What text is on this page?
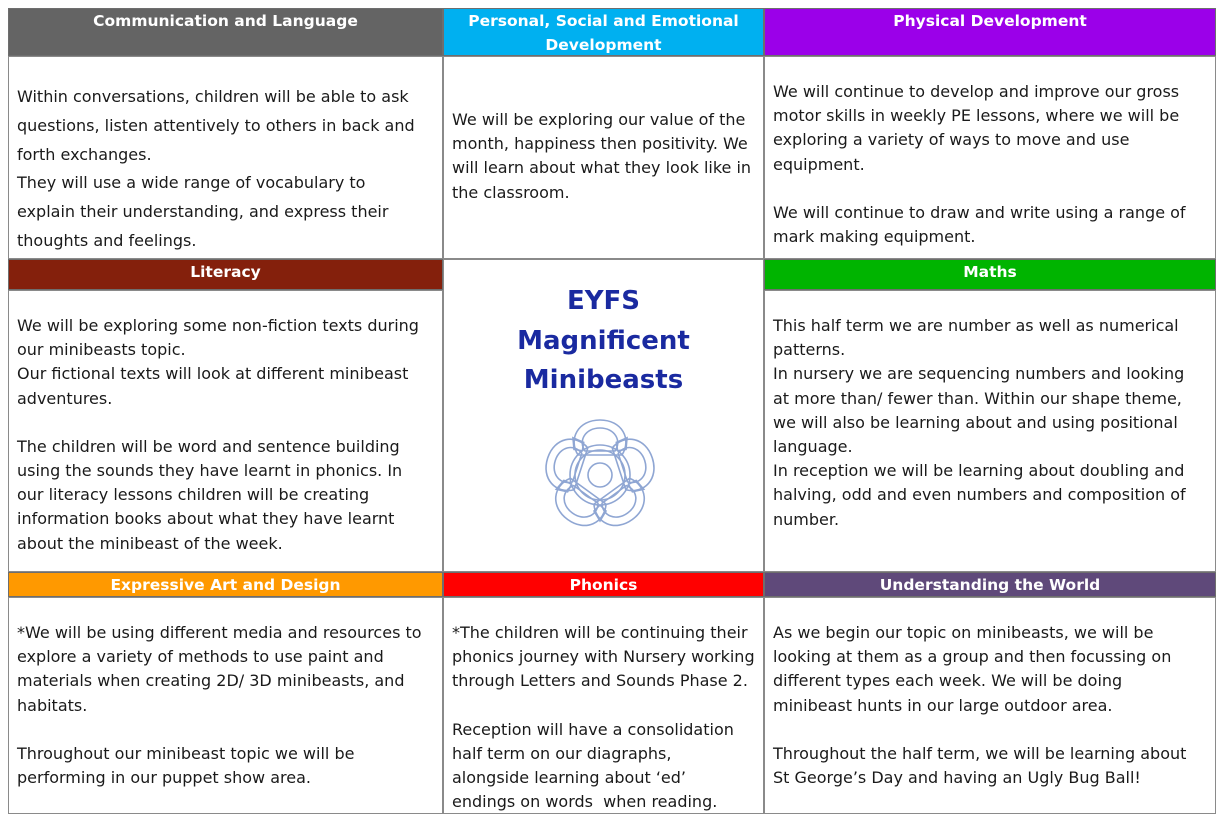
Communication and Language

Within conversations, children will be able to ask

questions, listen attentively to others in back and

forth exchanges.

They will use a wide range of vocabulary to

explain their understanding, and express their

thoughts and feelings.

Personal, Social and Emotional
Development

We will be exploring our value of the

month, happiness then positivity. We

will learn about what they look like in

the classroom.

Physical Development

We will continue to develop and improve our gross

motor skills in weekly PE lessons, where we will be

exploring a variety of ways to move and use

equipment.

We will continue to draw and write using a range of

mark making equipment.

Literacy

We will be exploring some non-fiction texts during

our minibeasts topic.

Our fictional texts will look at different minibeast

adventures.

The children will be word and sentence building

using the sounds they have learnt in phonics. In

our literacy lessons children will be creating

information books about what they have learnt

about the minibeast of the week.

EYFS
Magnificent
Minibeasts
Maths

This half term we are number as well as numerical

patterns.

In nursery we are sequencing numbers and looking

at more than/ fewer than. Within our shape theme,

we will also be learning about and using positional

language.

In reception we will be learning about doubling and

halving, odd and even numbers and composition of

number.

Expressive Art and Design

*We will be using different media and resources to

explore a variety of methods to use paint and

materials when creating 2D/ 3D minibeasts, and

habitats.

Throughout our minibeast topic we will be

performing in our puppet show area.

Phonics

*The children will be continuing their

phonics journey with Nursery working

through Letters and Sounds Phase 2.

Reception will have a consolidation

half term on our diagraphs,

alongside learning about ‘ed’

endings on words  when reading.

Understanding the World

As we begin our topic on minibeasts, we will be

looking at them as a group and then focussing on

different types each week. We will be doing

minibeast hunts in our large outdoor area.

Throughout the half term, we will be learning about

St George’s Day and having an Ugly Bug Ball!
